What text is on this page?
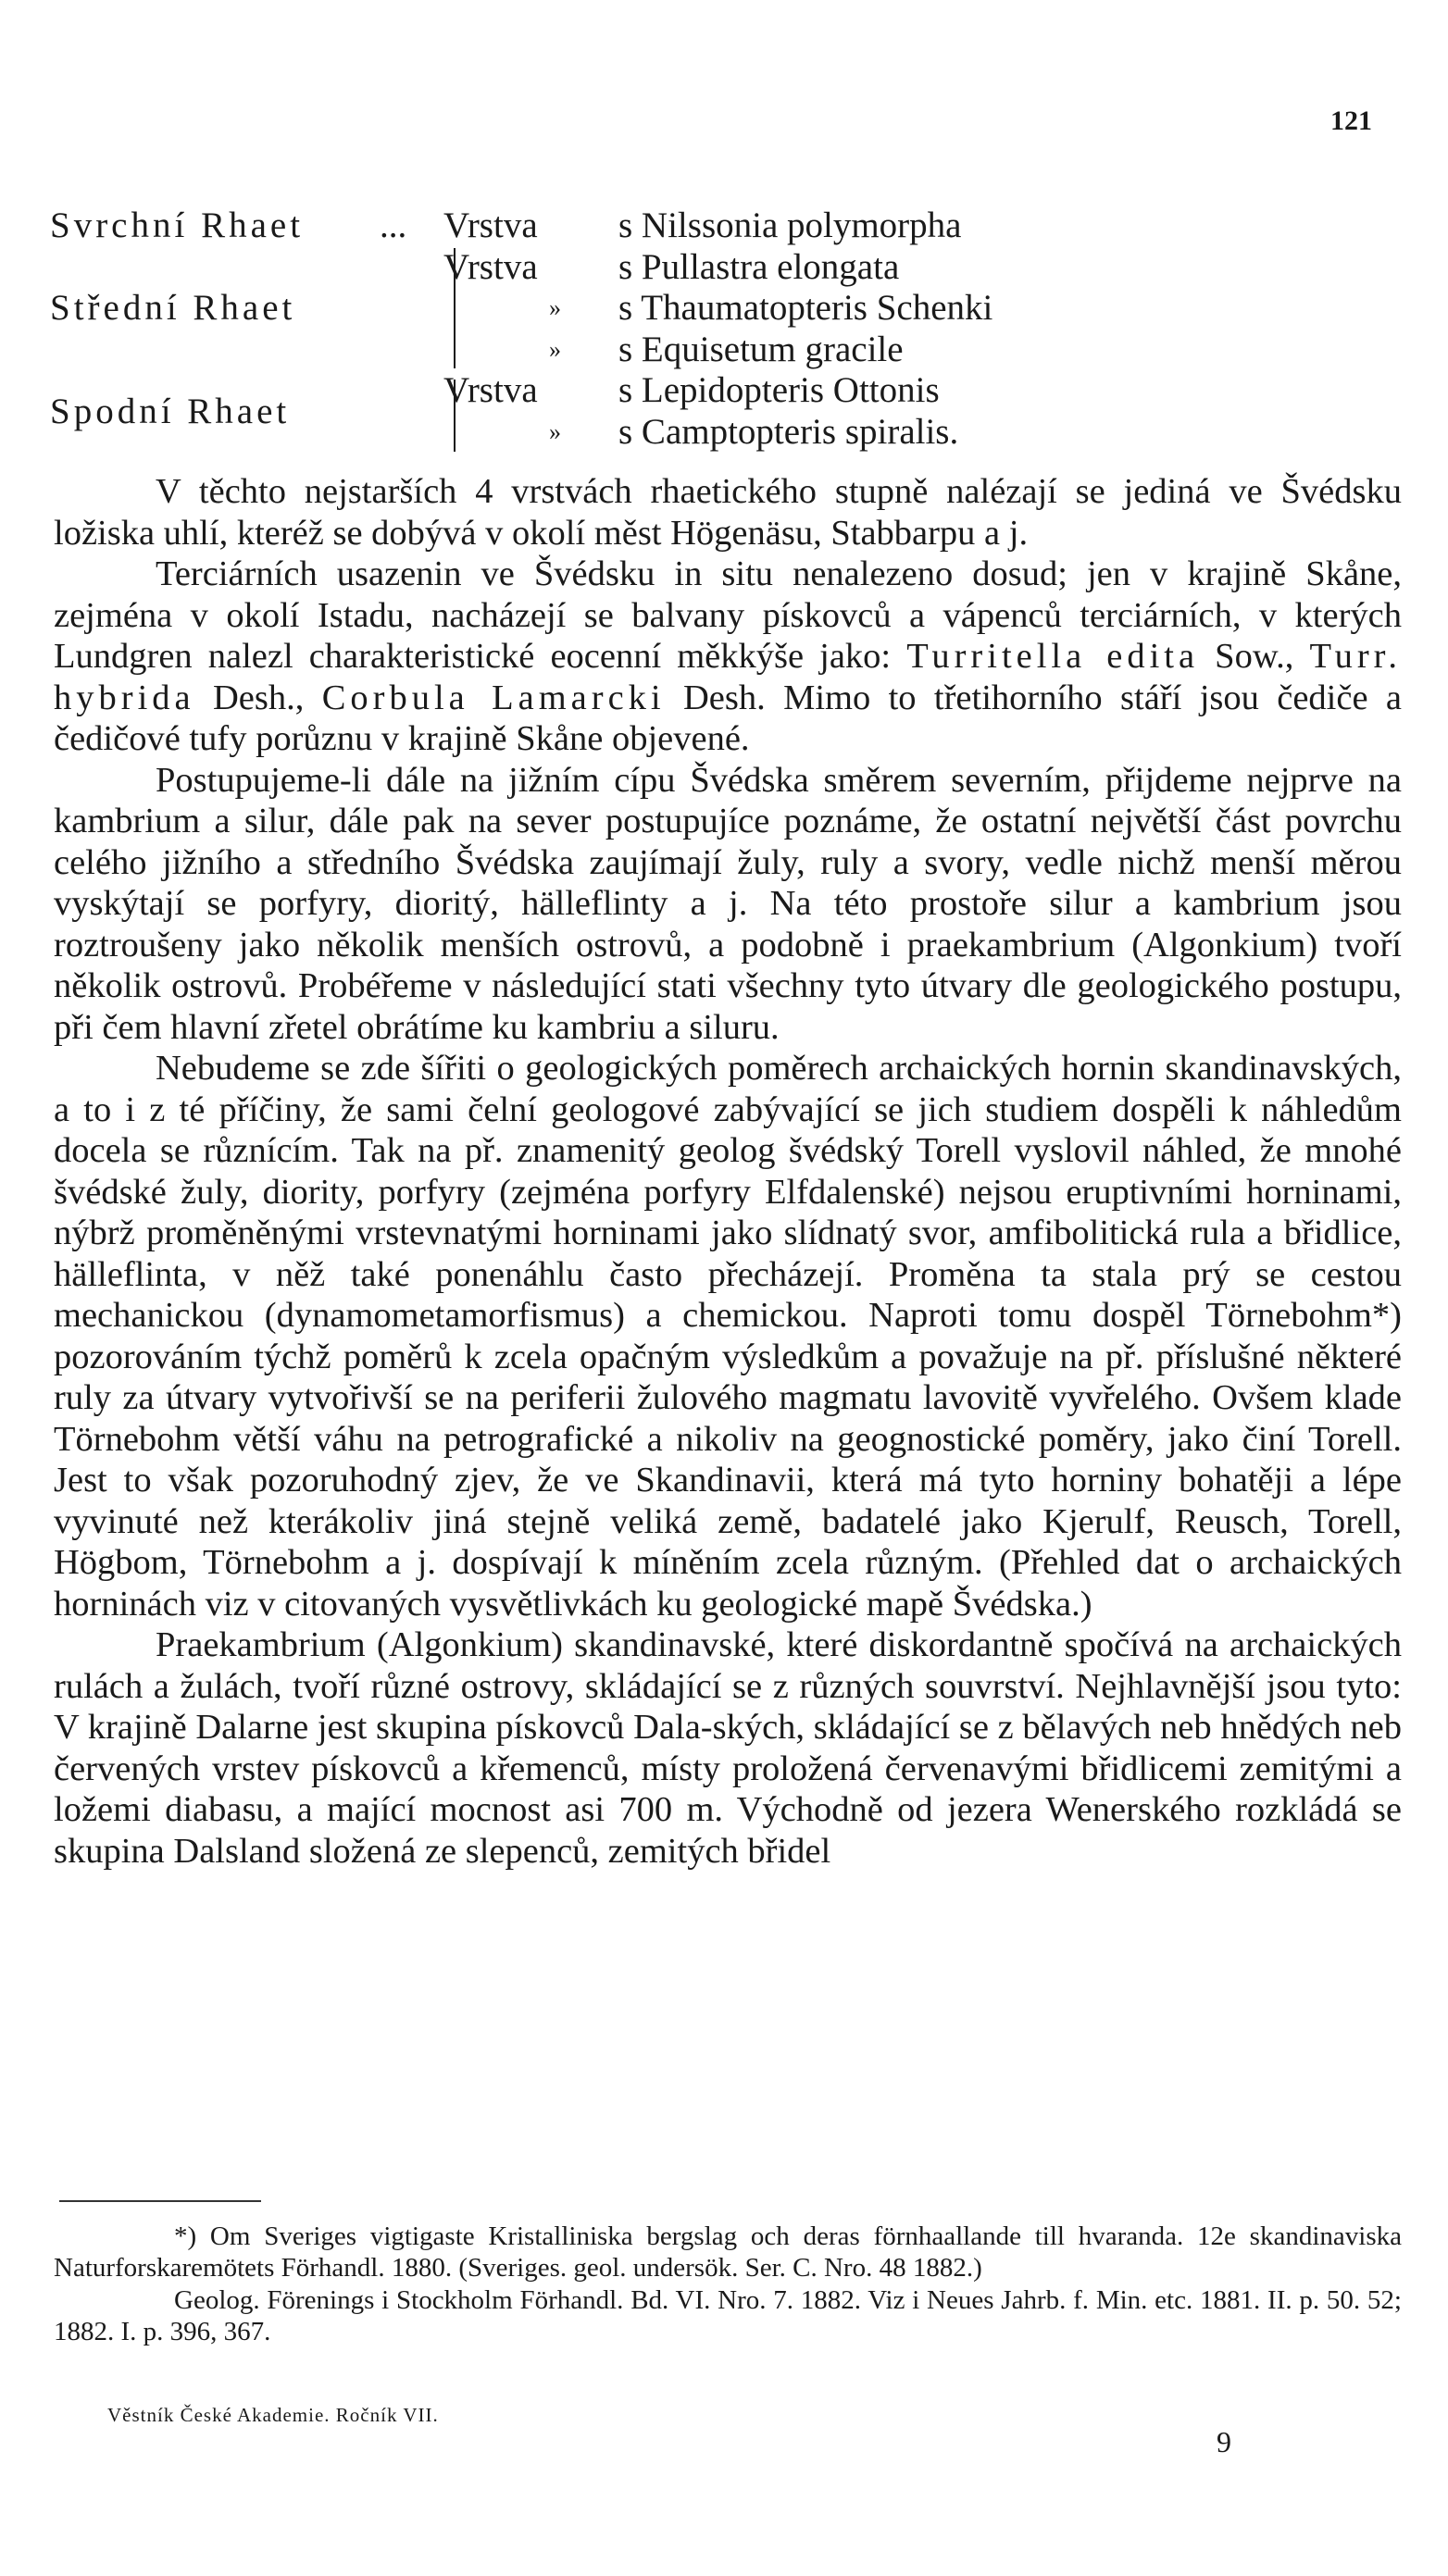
121
Svrchní Rhaet ... Vrstva s Nilssonia polymorpha
Vrstva s Pullastra elongata
Střední Rhaet	» s Thaumatopteris Schenki
» s Equisetum gracile
Vrstva s Lepidopteris Ottonis
Spodní Rhaet
» s Camptopteris spiralis.

V těchto nejstarších 4 vrstvách rhaetického stupně nalézají se jediná ve Švédsku ložiska uhlí, kteréž se dobývá v okolí měst Högenäsu, Stabbarpu a j.

Terciárních usazenin ve Švédsku in situ nenalezeno dosud; jen v krajině Skåne, zejména v okolí Istadu, nacházejí se balvany pískovců a vápenců terciárních, v kterých Lundgren nalezl charakteristické eocenní měkkýše jako: Turritella edita Sow., Turr. hybrida Desh., Corbula Lamarcki Desh. Mimo to třetihorního stáří jsou čediče a čedičové tufy porůznu v krajině Skåne objevené.

Postupujeme-li dále na jižním cípu Švédska směrem severním, přijdeme nejprve na kambrium a silur, dále pak na sever postupujíce poznáme, že ostatní největší část povrchu celého jižního a středního Švédska zaujímají žuly, ruly a svory, vedle nichž menší měrou vyskýtají se porfyry, dioritý, hälleflinty a j. Na této prostoře silur a kambrium jsou roztroušeny jako několik menších ostrovů, a podobně i praekambrium (Algonkium) tvoří několik ostrovů. Probéřeme v následující stati všechny tyto útvary dle geologického postupu, při čem hlavní zřetel obrátíme ku kambriu a siluru.

Nebudeme se zde šířiti o geologických poměrech archaických hornin skandinavských, a to i z té příčiny, že sami čelní geologové zabývající se jich studiem dospěli k náhledům docela se různícím. Tak na př. znamenitý geolog švédský Torell vyslovil náhled, že mnohé švédské žuly, diority, porfyry (zejména porfyry Elfdalenské) nejsou eruptivními horninami, nýbrž proměněnými vrstevnatými horninami jako slídnatý svor, amfibolitická rula a břidlice, hälleflinta, v něž také ponenáhlu často přecházejí. Proměna ta stala prý se cestou mechanickou (dynamometamorfismus) a chemickou. Naproti tomu dospěl Törnebohm*) pozorováním týchž poměrů k zcela opačným výsledkům a považuje na př. příslušné některé ruly za útvary vytvořivší se na periferii žulového magmatu lavovitě vyvřelého. Ovšem klade Törnebohm větší váhu na petrografické a nikoliv na geognostické poměry, jako činí Torell. Jest to však pozoruhodný zjev, že ve Skandinavii, která má tyto horniny bohatěji a lépe vyvinuté než kterákoliv jiná stejně veliká země, badatelé jako Kjerulf, Reusch, Torell, Högbom, Törnebohm a j. dospívají k míněním zcela různým. (Přehled dat o archaických horninách viz v citovaných vysvětlivkách ku geologické mapě Švédska.)

Praekambrium (Algonkium) skandinavské, které diskordantně spočívá na archaických rulách a žulách, tvoří různé ostrovy, skládající se z různých souvrství. Nejhlavnější jsou tyto: V krajině Dalarne jest skupina pískovců Dala-ských, skládající se z bělavých neb hnědých neb červených vrstev pískovců a křemenců, místy proložená červenavými břidlicemi zemitými a ložemi diabasu, a mající mocnost asi 700 m. Východně od jezera Wenerského rozkládá se skupina Dalsland složená ze slepenců, zemitých břidel

*) Om Sveriges vigtigaste Kristalliniska bergslag och deras förnhaallande till hvaranda. 12e skandinaviska Naturforskaremötets Förhandl. 1880. (Sveriges. geol. undersök. Ser. C. Nro. 48 1882.)

Geolog. Förenings i Stockholm Förhandl. Bd. VI. Nro. 7. 1882. Viz i Neues Jahrb. f. Min. etc. 1881. II. p. 50. 52; 1882. I. p. 396, 367.

Věstník České Akademie. Ročník VII.
9
